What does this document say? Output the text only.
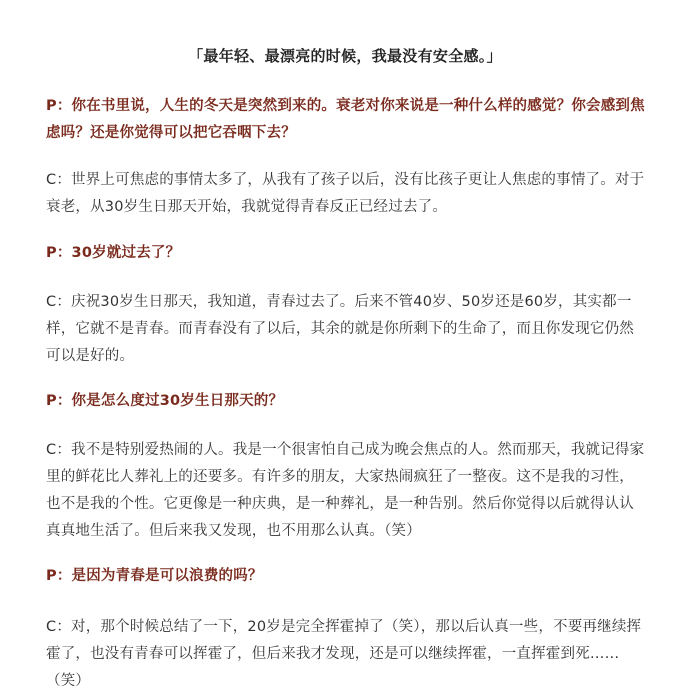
「最年轻、最漂亮的时候，我最没有安全感。」
P：你在书里说，人生的冬天是突然到来的。衰老对你来说是一种什么样的感觉？你会感到焦虑吗？还是你觉得可以把它吞咽下去？
C：世界上可焦虑的事情太多了，从我有了孩子以后，没有比孩子更让人焦虑的事情了。对于衰老，从30岁生日那天开始，我就觉得青春反正已经过去了。
P：30岁就过去了？
C：庆祝30岁生日那天，我知道，青春过去了。后来不管40岁、50岁还是60岁，其实都一样，它就不是青春。而青春没有了以后，其余的就是你所剩下的生命了，而且你发现它仍然可以是好的。
P：你是怎么度过30岁生日那天的？
C：我不是特别爱热闹的人。我是一个很害怕自己成为晚会焦点的人。然而那天，我就记得家里的鲜花比人葬礼上的还要多。有许多的朋友，大家热闹疯狂了一整夜。这不是我的习性，也不是我的个性。它更像是一种庆典，是一种葬礼，是一种告别。然后你觉得以后就得认认真真地生活了。但后来我又发现，也不用那么认真。（笑）
P：是因为青春是可以浪费的吗？
C：对，那个时候总结了一下，20岁是完全挥霍掉了（笑），那以后认真一些，不要再继续挥霍了，也没有青春可以挥霍了，但后来我才发现，还是可以继续挥霍，一直挥霍到死……（笑）
